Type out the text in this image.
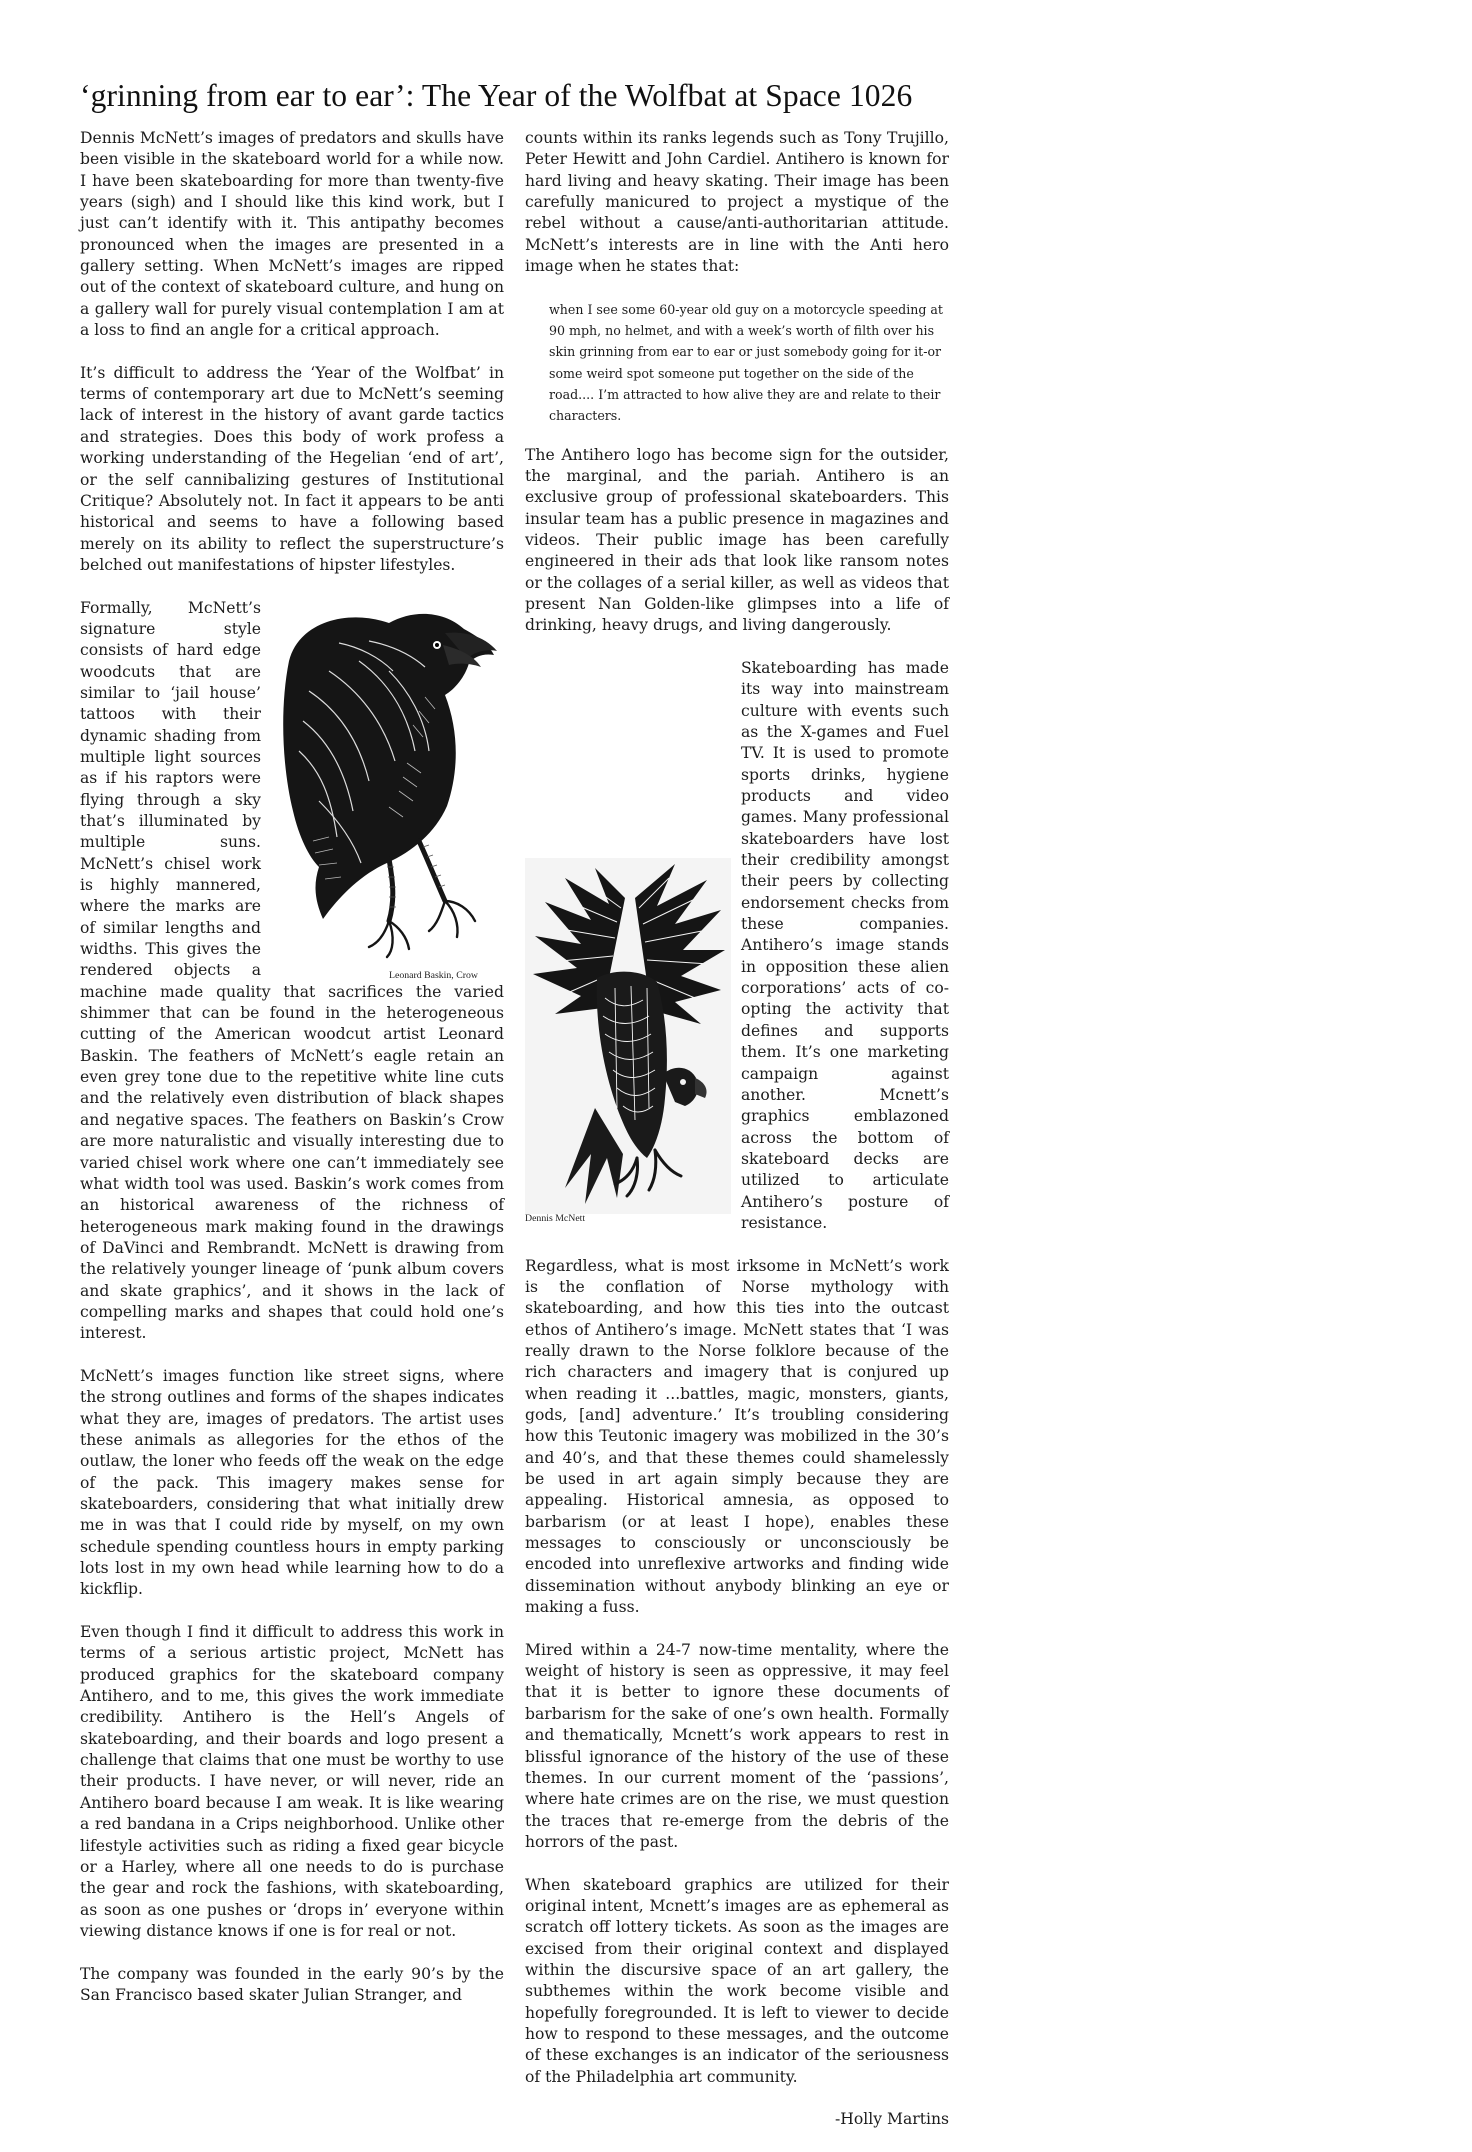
‘grinning from ear to ear’: The Year of the Wolfbat at Space 1026

Dennis McNett’s images of predators and skulls have been visible in the skateboard world for a while now. I have been skateboarding for more than twenty-five years (sigh) and I should like this kind work, but I just can’t identify with it. This antipathy becomes pronounced when the images are presented in a gallery setting. When McNett’s images are ripped out of the context of skateboard culture, and hung on a gallery wall for purely visual contemplation I am at a loss to find an angle for a critical approach.

It’s difficult to address the ‘Year of the Wolfbat’ in terms of contemporary art due to McNett’s seeming lack of interest in the history of avant garde tactics and strategies. Does this body of work profess a working understanding of the Hegelian ‘end of art’, or the self cannibalizing gestures of Institutional Critique? Absolutely not. In fact it appears to be anti historical and seems to have a following based merely on its ability to reflect the superstructure’s belched out manifestations of hipster lifestyles.

Leonard Baskin, Crow
Formally, McNett’s signature style consists of hard edge woodcuts that are similar to ‘jail house’ tattoos with their dynamic shading from multiple light sources as if his raptors were flying through a sky that’s illuminated by multiple suns. McNett’s chisel work is highly mannered, where the marks are of similar lengths and widths. This gives the rendered objects a machine made quality that sacrifices the varied shimmer that can be found in the heterogeneous cutting of the American woodcut artist Leonard Baskin. The feathers of McNett’s eagle retain an even grey tone due to the repetitive white line cuts and the relatively even distribution of black shapes and negative spaces. The feathers on Baskin’s Crow are more naturalistic and visually interesting due to varied chisel work where one can’t immediately see what width tool was used. Baskin’s work comes from an historical awareness of the richness of heterogeneous mark making found in the drawings of DaVinci and Rembrandt. McNett is drawing from the relatively younger lineage of ‘punk album covers and skate graphics’, and it shows in the lack of compelling marks and shapes that could hold one’s interest.

McNett’s images function like street signs, where the strong outlines and forms of the shapes indicates what they are, images of predators. The artist uses these animals as allegories for the ethos of the outlaw, the loner who feeds off the weak on the edge of the pack. This imagery makes sense for skateboarders, considering that what initially drew me in was that I could ride by myself, on my own schedule spending countless hours in empty parking lots lost in my own head while learning how to do a kickflip.

Even though I find it difficult to address this work in terms of a serious artistic project, McNett has produced graphics for the skateboard company Antihero, and to me, this gives the work immediate credibility. Antihero is the Hell’s Angels of skateboarding, and their boards and logo present a challenge that claims that one must be worthy to use their products. I have never, or will never, ride an Antihero board because I am weak. It is like wearing a red bandana in a Crips neighborhood. Unlike other lifestyle activities such as riding a fixed gear bicycle or a Harley, where all one needs to do is purchase the gear and rock the fashions, with skateboarding, as soon as one pushes or ‘drops in’ everyone within viewing distance knows if one is for real or not.

The company was founded in the early 90’s by the San Francisco based skater Julian Stranger, and

counts within its ranks legends such as Tony Trujillo, Peter Hewitt and John Cardiel. Antihero is known for hard living and heavy skating. Their image has been carefully manicured to project a mystique of the rebel without a cause/anti-authoritarian attitude. McNett’s interests are in line with the Anti hero image when he states that:

when I see some 60-year old guy on a motorcycle speeding at 90 mph, no helmet, and with a week’s worth of filth over his skin grinning from ear to ear or just somebody going for it-or some weird spot someone put together on the side of the road.... I’m attracted to how alive they are and relate to their characters.

The Antihero logo has become sign for the outsider, the marginal, and the pariah. Antihero is an exclusive group of professional skateboarders. This insular team has a public presence in magazines and videos. Their public image has been carefully engineered in their ads that look like ransom notes or the collages of a serial killer, as well as videos that present Nan Golden-like glimpses into a life of drinking, heavy drugs, and living dangerously.

Skateboarding has made its way into mainstream culture with events such as the X-games and Fuel TV. It is used to promote sports drinks, hygiene products and video games. Many professional skateboarders have lost their credibility amongst their peers by collecting endorsement checks from these companies. Antihero’s image stands in opposition these alien corporations’ acts of co-opting the activity that defines and supports them. It’s one marketing campaign against another. Mcnett’s graphics emblazoned across the bottom of skateboard decks are utilized to articulate Antihero’s posture of resistance.

Regardless, what is most irksome in McNett’s work is the conflation of Norse mythology with skateboarding, and how this ties into the outcast ethos of Antihero’s image. McNett states that ‘I was really drawn to the Norse folklore because of the rich characters and imagery that is conjured up when reading it ...battles, magic, monsters, giants, gods, [and] adventure.’ It’s troubling considering how this Teutonic imagery was mobilized in the 30’s and 40’s, and that these themes could shamelessly be used in art again simply because they are appealing. Historical amnesia, as opposed to barbarism (or at least I hope), enables these messages to consciously or unconsciously be encoded into unreflexive artworks and finding wide dissemination without anybody blinking an eye or making a fuss.

Mired within a 24-7 now-time mentality, where the weight of history is seen as oppressive, it may feel that it is better to ignore these documents of barbarism for the sake of one’s own health. Formally and thematically, Mcnett’s work appears to rest in blissful ignorance of the history of the use of these themes. In our current moment of the ‘passions’, where hate crimes are on the rise, we must question the traces that re-emerge from the debris of the horrors of the past.

When skateboard graphics are utilized for their original intent, Mcnett’s images are as ephemeral as scratch off lottery tickets. As soon as the images are excised from their original context and displayed within the discursive space of an art gallery, the subthemes within the work become visible and hopefully foregrounded. It is left to viewer to decide how to respond to these messages, and the outcome of these exchanges is an indicator of the seriousness of the Philadelphia art community.

-Holly Martins

Dennis McNett
